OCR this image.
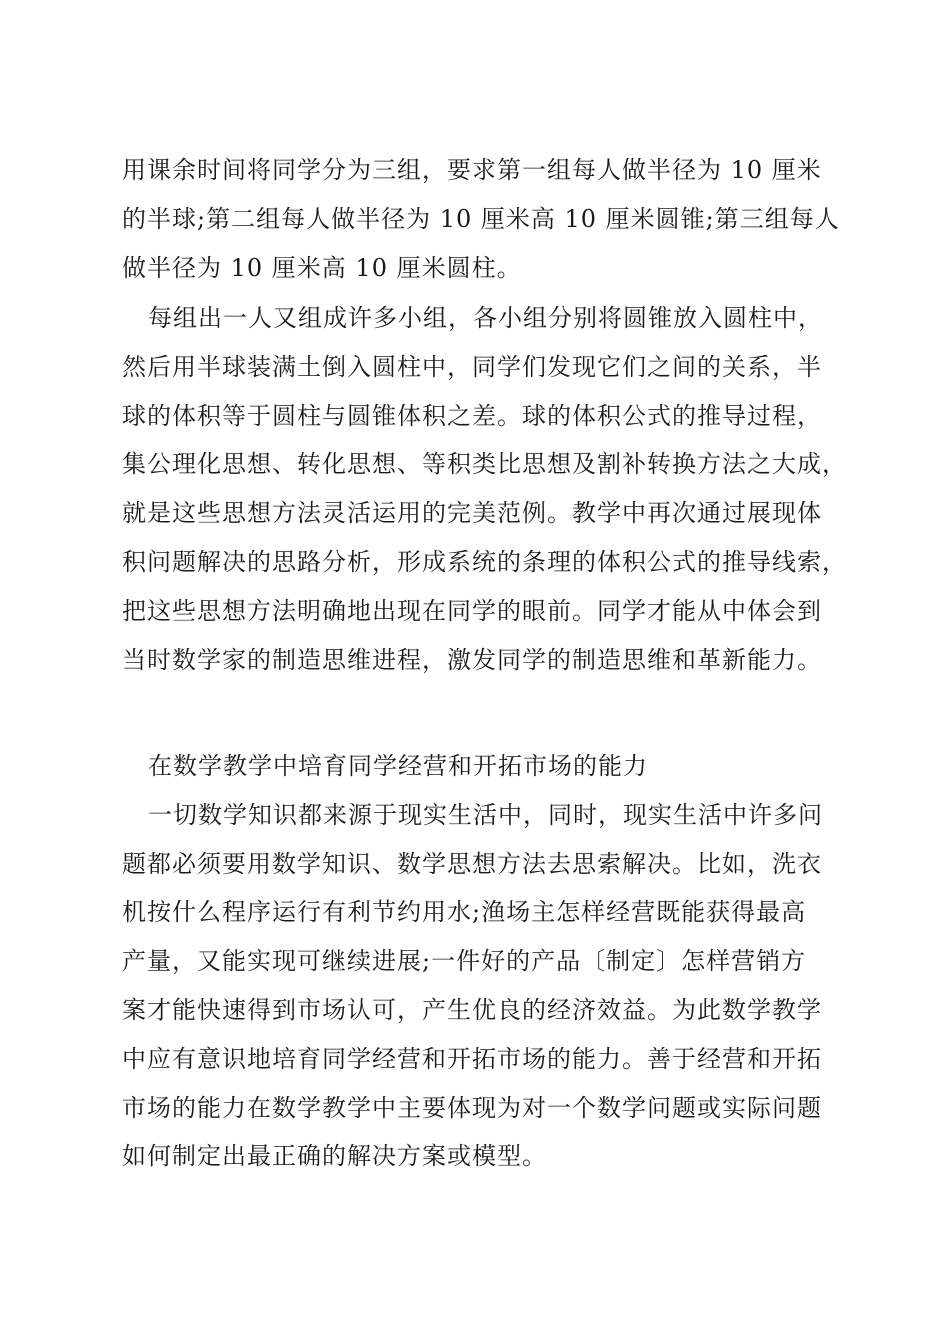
用课余时间将同学分为三组，要求第一组每人做半径为 10 厘米
的半球;第二组每人做半径为 10 厘米高 10 厘米圆锥;第三组每人
做半径为 10 厘米高 10 厘米圆柱。
每组出一人又组成许多小组，各小组分别将圆锥放入圆柱中，
然后用半球装满土倒入圆柱中，同学们发现它们之间的关系，半
球的体积等于圆柱与圆锥体积之差。球的体积公式的推导过程，
集公理化思想、转化思想、等积类比思想及割补转换方法之大成，
就是这些思想方法灵活运用的完美范例。教学中再次通过展现体
积问题解决的思路分析，形成系统的条理的体积公式的推导线索，
把这些思想方法明确地出现在同学的眼前。同学才能从中体会到
当时数学家的制造思维进程，激发同学的制造思维和革新能力。
在数学教学中培育同学经营和开拓市场的能力
一切数学知识都来源于现实生活中，同时，现实生活中许多问
题都必须要用数学知识、数学思想方法去思索解决。比如，洗衣
机按什么程序运行有利节约用水;渔场主怎样经营既能获得最高
产量，又能实现可继续进展;一件好的产品〔制定〕怎样营销方
案才能快速得到市场认可，产生优良的经济效益。为此数学教学
中应有意识地培育同学经营和开拓市场的能力。善于经营和开拓
市场的能力在数学教学中主要体现为对一个数学问题或实际问题
如何制定出最正确的解决方案或模型。
